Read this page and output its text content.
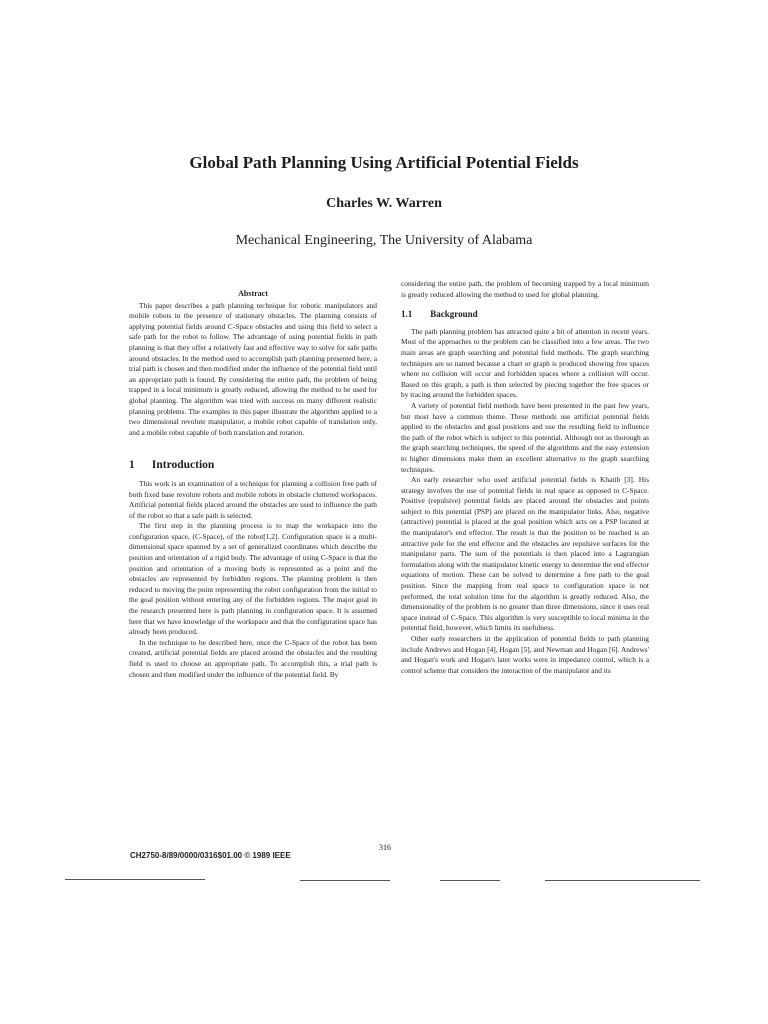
Global Path Planning Using Artificial Potential Fields
Charles W. Warren
Mechanical Engineering, The University of Alabama
Abstract

This paper describes a path planning technique for robotic manipulators and mobile robots in the presence of stationary obstacles. The planning consists of applying potential fields around C-Space obstacles and using this field to select a safe path for the robot to follow. The advantage of using potential fields in path planning is that they offer a relatively fast and effective way to solve for safe paths around obstacles. In the method used to accomplish path planning presented here, a trial path is chosen and then modified under the influence of the potential field until an appropriate path is found. By considering the entire path, the problem of being trapped in a local minimum is greatly reduced, allowing the method to be used for global planning. The algorithm was tried with success on many different realistic planning problems. The examples in this paper illustrate the algorithm applied to a two dimensional revolute manipulator, a mobile robot capable of translation only, and a mobile robot capable of both translation and rotation.

1 Introduction

This work is an examination of a technique for planning a collision free path of both fixed base revolute robots and mobile robots in obstacle cluttered workspaces. Artificial potential fields placed around the obstacles are used to influence the path of the robot so that a safe path is selected.

The first step in the planning process is to map the workspace into the configuration space, (C-Space), of the robot[1,2]. Configuration space is a multi-dimensional space spanned by a set of generalized coordinates which describe the position and orientation of a rigid body. The advantage of using C-Space is that the position and orientation of a moving body is represented as a point and the obstacles are represented by forbidden regions. The planning problem is then reduced to moving the point representing the robot configuration from the initial to the goal position without entering any of the forbidden regions. The major goal in the research presented here is path planning in configuration space. It is assumed here that we have knowledge of the workspace and that the configuration space has already been produced.

In the technique to be described here, once the C-Space of the robot has been created, artificial potential fields are placed around the obstacles and the resulting field is used to choose an appropriate path. To accomplish this, a trial path is chosen and then modified under the influence of the potential field. By

considering the entire path, the problem of becoming trapped by a local minimum is greatly reduced allowing the method to used for global planning.

1.1 Background

The path planning problem has attracted quite a bit of attention in recent years. Most of the approaches to the problem can be classified into a few areas. The two main areas are graph searching and potential field methods. The graph searching techniques are so named because a chart or graph is produced showing free spaces where no collision will occur and forbidden spaces where a collision will occur. Based on this graph, a path is then selected by piecing together the free spaces or by tracing around the forbidden spaces.

A variety of potential field methods have been presented in the past few years, but most have a common theme. These methods use artificial potential fields applied to the obstacles and goal positions and use the resulting field to influence the path of the robot which is subject to this potential. Although not as thorough as the graph searching techniques, the speed of the algorithms and the easy extension to higher dimensions make them an excellent alternative to the graph searching techniques.

An early researcher who used artificial potential fields is Khatib [3]. His strategy involves the use of potential fields in real space as opposed to C-Space. Positive (repulsive) potential fields are placed around the obstacles and points subject to this potential (PSP) are placed on the manipulator links. Also, negative (attractive) potential is placed at the goal position which acts on a PSP located at the manipulator's end effector. The result is that the position to be reached is an attractive pole for the end effector and the obstacles are repulsive surfaces for the manipulator parts. The sum of the potentials is then placed into a Lagrangian formulation along with the manipulator kinetic energy to determine the end effector equations of motion. These can be solved to determine a free path to the goal position. Since the mapping from real space to configuration space is not performed, the total solution time for the algorithm is greatly reduced. Also, the dimensionality of the problem is no greater than three dimensions, since it uses real space instead of C-Space. This algorithm is very susceptible to local minima in the potential field, however, which limits its usefulness.

Other early researchers in the application of potential fields to path planning include Andrews and Hogan [4], Hogan [5], and Newman and Hogan [6]. Andrews' and Hogan's work and Hogan's later works were in impedance control, which is a control scheme that considers the interaction of the manipulator and its

316
CH2750-8/89/0000/0316$01.00 © 1989 IEEE
